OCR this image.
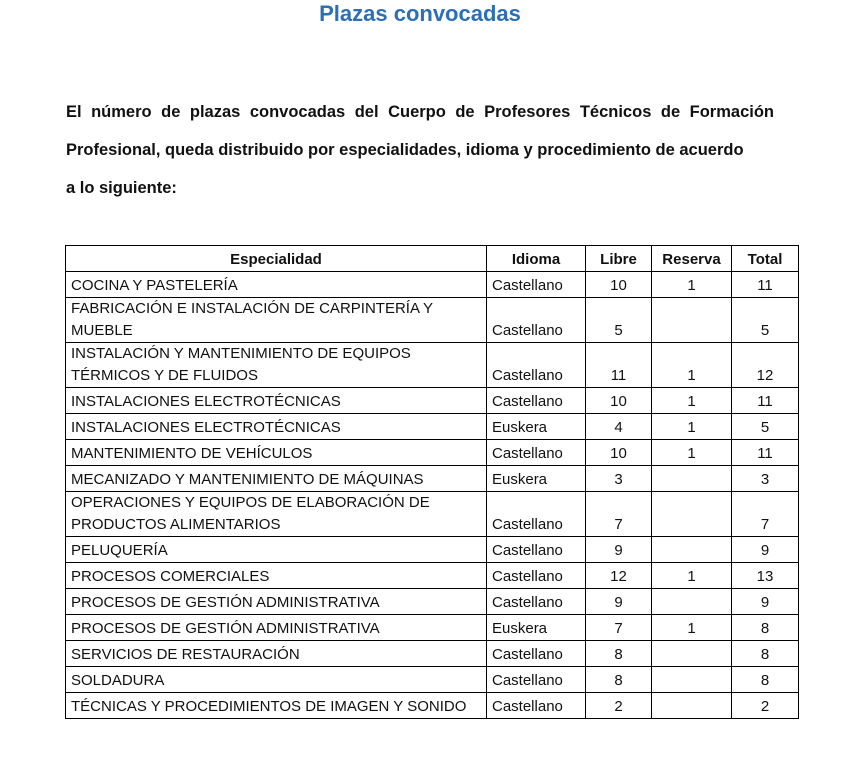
Plazas convocadas
El número de plazas convocadas del Cuerpo de Profesores Técnicos de Formación
Profesional, queda distribuido por especialidades, idioma y procedimiento de acuerdo
a lo siguiente:
Especialidad	Idioma	Libre	Reserva	Total
COCINA Y PASTELERÍA	Castellano	10	1	11
FABRICACIÓN E INSTALACIÓN DE CARPINTERÍA Y MUEBLE	Castellano	5		5
INSTALACIÓN Y MANTENIMIENTO DE EQUIPOS TÉRMICOS Y DE FLUIDOS	Castellano	11	1	12
INSTALACIONES ELECTROTÉCNICAS	Castellano	10	1	11
INSTALACIONES ELECTROTÉCNICAS	Euskera	4	1	5
MANTENIMIENTO DE VEHÍCULOS	Castellano	10	1	11
MECANIZADO Y MANTENIMIENTO DE MÁQUINAS	Euskera	3		3
OPERACIONES Y EQUIPOS DE ELABORACIÓN DE PRODUCTOS ALIMENTARIOS	Castellano	7		7
PELUQUERÍA	Castellano	9		9
PROCESOS COMERCIALES	Castellano	12	1	13
PROCESOS DE GESTIÓN ADMINISTRATIVA	Castellano	9		9
PROCESOS DE GESTIÓN ADMINISTRATIVA	Euskera	7	1	8
SERVICIOS DE RESTAURACIÓN	Castellano	8		8
SOLDADURA	Castellano	8		8
TÉCNICAS Y PROCEDIMIENTOS DE IMAGEN Y SONIDO	Castellano	2		2
